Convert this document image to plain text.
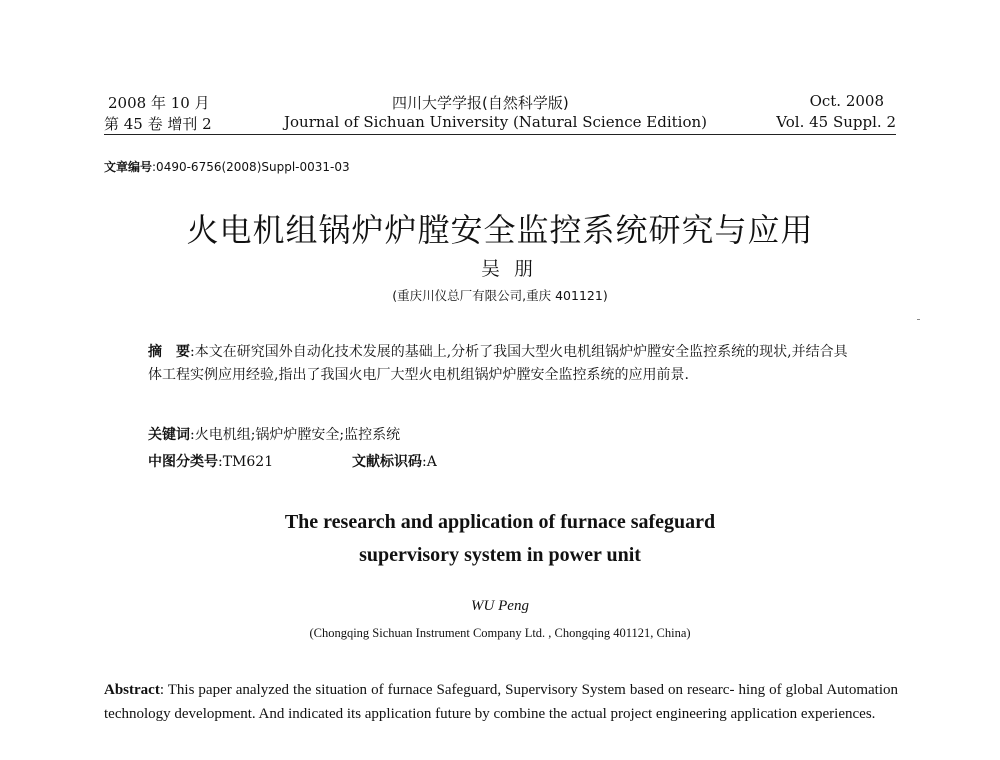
2008 年 10 月	四川大学学报(自然科学版)	Oct. 2008
第 45 卷 增刊 2	Journal of Sichuan University (Natural Science Edition)	Vol. 45 Suppl. 2
文章编号:0490-6756(2008)Suppl-0031-03
火电机组锅炉炉膛安全监控系统研究与应用
吴朋
(重庆川仪总厂有限公司,重庆 401121)
摘　要:本文在研究国外自动化技术发展的基础上,分析了我国大型火电机组锅炉炉膛安全监控系统的现状,并结合具体工程实例应用经验,指出了我国火电厂大型火电机组锅炉炉膛安全监控系统的应用前景.
关键词:火电机组;锅炉炉膛安全;监控系统
中图分类号:TM621	文献标识码:A
The research and application of furnace safeguard
supervisory system in power unit
WU Peng
(Chongqing Sichuan Instrument Company Ltd. , Chongqing 401121, China)
Abstract: This paper analyzed the situation of furnace Safeguard, Supervisory System based on researc- hing of global Automation technology development. And indicated its application future by combine the actual project engineering application experiences.
